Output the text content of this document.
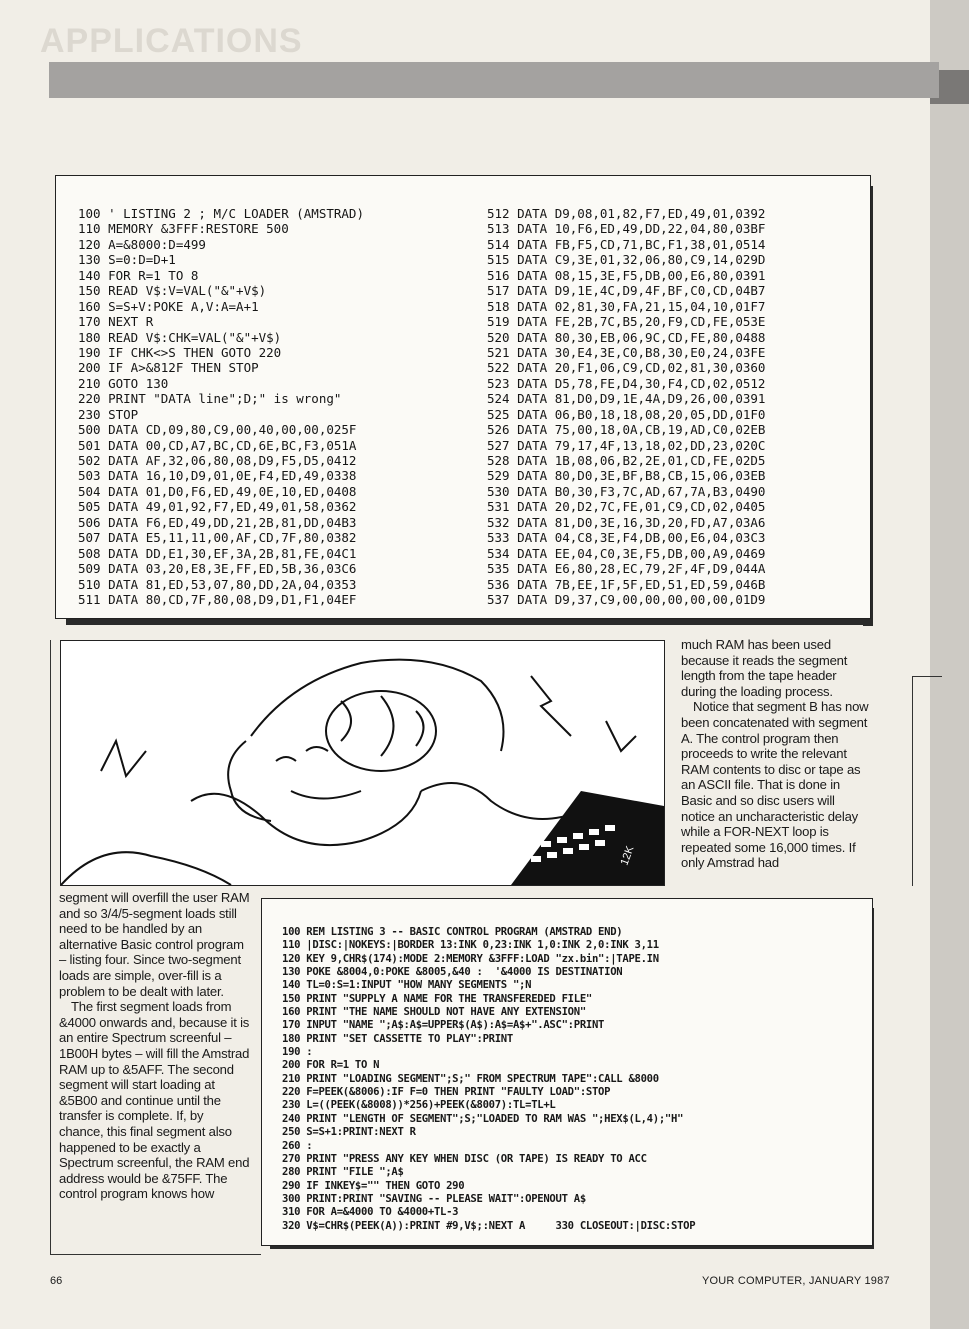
APPLICATIONS
100 ' LISTING 2 ; M/C LOADER (AMSTRAD)
110 MEMORY &3FFF:RESTORE 500
120 A=&8000:D=499
130 S=0:D=D+1
140 FOR R=1 TO 8
150 READ V$:V=VAL("&"+V$)
160 S=S+V:POKE A,V:A=A+1
170 NEXT R
180 READ V$:CHK=VAL("&"+V$)
190 IF CHK<>S THEN GOTO 220
200 IF A>&812F THEN STOP
210 GOTO 130
220 PRINT "DATA line";D;" is wrong"
230 STOP
500 DATA CD,09,80,C9,00,40,00,00,025F
501 DATA 00,CD,A7,BC,CD,6E,BC,F3,051A
502 DATA AF,32,06,80,08,D9,F5,D5,0412
503 DATA 16,10,D9,01,0E,F4,ED,49,0338
504 DATA 01,D0,F6,ED,49,0E,10,ED,0408
505 DATA 49,01,92,F7,ED,49,01,58,0362
506 DATA F6,ED,49,DD,21,2B,81,DD,04B3
507 DATA E5,11,11,00,AF,CD,7F,80,0382
508 DATA DD,E1,30,EF,3A,2B,81,FE,04C1
509 DATA 03,20,E8,3E,FF,ED,5B,36,03C6
510 DATA 81,ED,53,07,80,DD,2A,04,0353
511 DATA 80,CD,7F,80,08,D9,D1,F1,04EF
512 DATA D9,08,01,82,F7,ED,49,01,0392
513 DATA 10,F6,ED,49,DD,22,04,80,03BF
514 DATA FB,F5,CD,71,BC,F1,38,01,0514
515 DATA C9,3E,01,32,06,80,C9,14,029D
516 DATA 08,15,3E,F5,DB,00,E6,80,0391
517 DATA D9,1E,4C,D9,4F,BF,C0,CD,04B7
518 DATA 02,81,30,FA,21,15,04,10,01F7
519 DATA FE,2B,7C,B5,20,F9,CD,FE,053E
520 DATA 80,30,EB,06,9C,CD,FE,80,0488
521 DATA 30,E4,3E,C0,B8,30,E0,24,03FE
522 DATA 20,F1,06,C9,CD,02,81,30,0360
523 DATA D5,78,FE,D4,30,F4,CD,02,0512
524 DATA 81,D0,D9,1E,4A,D9,26,00,0391
525 DATA 06,B0,18,18,08,20,05,DD,01F0
526 DATA 75,00,18,0A,CB,19,AD,C0,02EB
527 DATA 79,17,4F,13,18,02,DD,23,020C
528 DATA 1B,08,06,B2,2E,01,CD,FE,02D5
529 DATA 80,D0,3E,BF,B8,CB,15,06,03EB
530 DATA B0,30,F3,7C,AD,67,7A,B3,0490
531 DATA 20,D2,7C,FE,01,C9,CD,02,0405
532 DATA 81,D0,3E,16,3D,20,FD,A7,03A6
533 DATA 04,C8,3E,F4,DB,00,E6,04,03C3
534 DATA EE,04,C0,3E,F5,DB,00,A9,0469
535 DATA E6,80,28,EC,79,2F,4F,D9,044A
536 DATA 7B,EE,1F,5F,ED,51,ED,59,046B
537 DATA D9,37,C9,00,00,00,00,00,01D9
12K

much RAM has been used because it reads the segment length from the tape header during the loading process.

Notice that segment B has now been concatenated with segment A. The control program then proceeds to write the relevant RAM contents to disc or tape as an ASCII file. That is done in Basic and so disc users will notice an uncharacteristic delay while a FOR-NEXT loop is repeated some 16,000 times. If only Amstrad had

segment will overfill the user RAM and so 3/4/5-segment loads still need to be handled by an alternative Basic control program – listing four. Since two-segment loads are simple, over-fill is a problem to be dealt with later.

The first segment loads from &4000 onwards and, because it is an entire Spectrum screenful – 1B00H bytes – will fill the Amstrad RAM up to &5AFF. The second segment will start loading at &5B00 and continue until the transfer is complete. If, by chance, this final segment also happened to be exactly a Spectrum screenful, the RAM end address would be &75FF. The control program knows how

100 REM LISTING 3 -- BASIC CONTROL PROGRAM (AMSTRAD END)
110 |DISC:|NOKEYS:|BORDER 13:INK 0,23:INK 1,0:INK 2,0:INK 3,11
120 KEY 9,CHR$(174):MODE 2:MEMORY &3FFF:LOAD "zx.bin":|TAPE.IN
130 POKE &8004,0:POKE &8005,&40 :  '&4000 IS DESTINATION
140 TL=0:S=1:INPUT "HOW MANY SEGMENTS ";N
150 PRINT "SUPPLY A NAME FOR THE TRANSFEREDED FILE"
160 PRINT "THE NAME SHOULD NOT HAVE ANY EXTENSION"
170 INPUT "NAME ";A$:A$=UPPER$(A$):A$=A$+".ASC":PRINT
180 PRINT "SET CASSETTE TO PLAY":PRINT
190 :
200 FOR R=1 TO N
210 PRINT "LOADING SEGMENT";S;" FROM SPECTRUM TAPE":CALL &8000
220 F=PEEK(&8006):IF F=0 THEN PRINT "FAULTY LOAD":STOP
230 L=((PEEK(&8008))*256)+PEEK(&8007):TL=TL+L
240 PRINT "LENGTH OF SEGMENT";S;"LOADED TO RAM WAS ";HEX$(L,4);"H"
250 S=S+1:PRINT:NEXT R
260 :
270 PRINT "PRESS ANY KEY WHEN DISC (OR TAPE) IS READY TO ACC
280 PRINT "FILE ";A$
290 IF INKEY$="" THEN GOTO 290
300 PRINT:PRINT "SAVING -- PLEASE WAIT":OPENOUT A$
310 FOR A=&4000 TO &4000+TL-3
320 V$=CHR$(PEEK(A)):PRINT #9,V$;:NEXT A     330 CLOSEOUT:|DISC:STOP
66	YOUR COMPUTER, JANUARY 1987
